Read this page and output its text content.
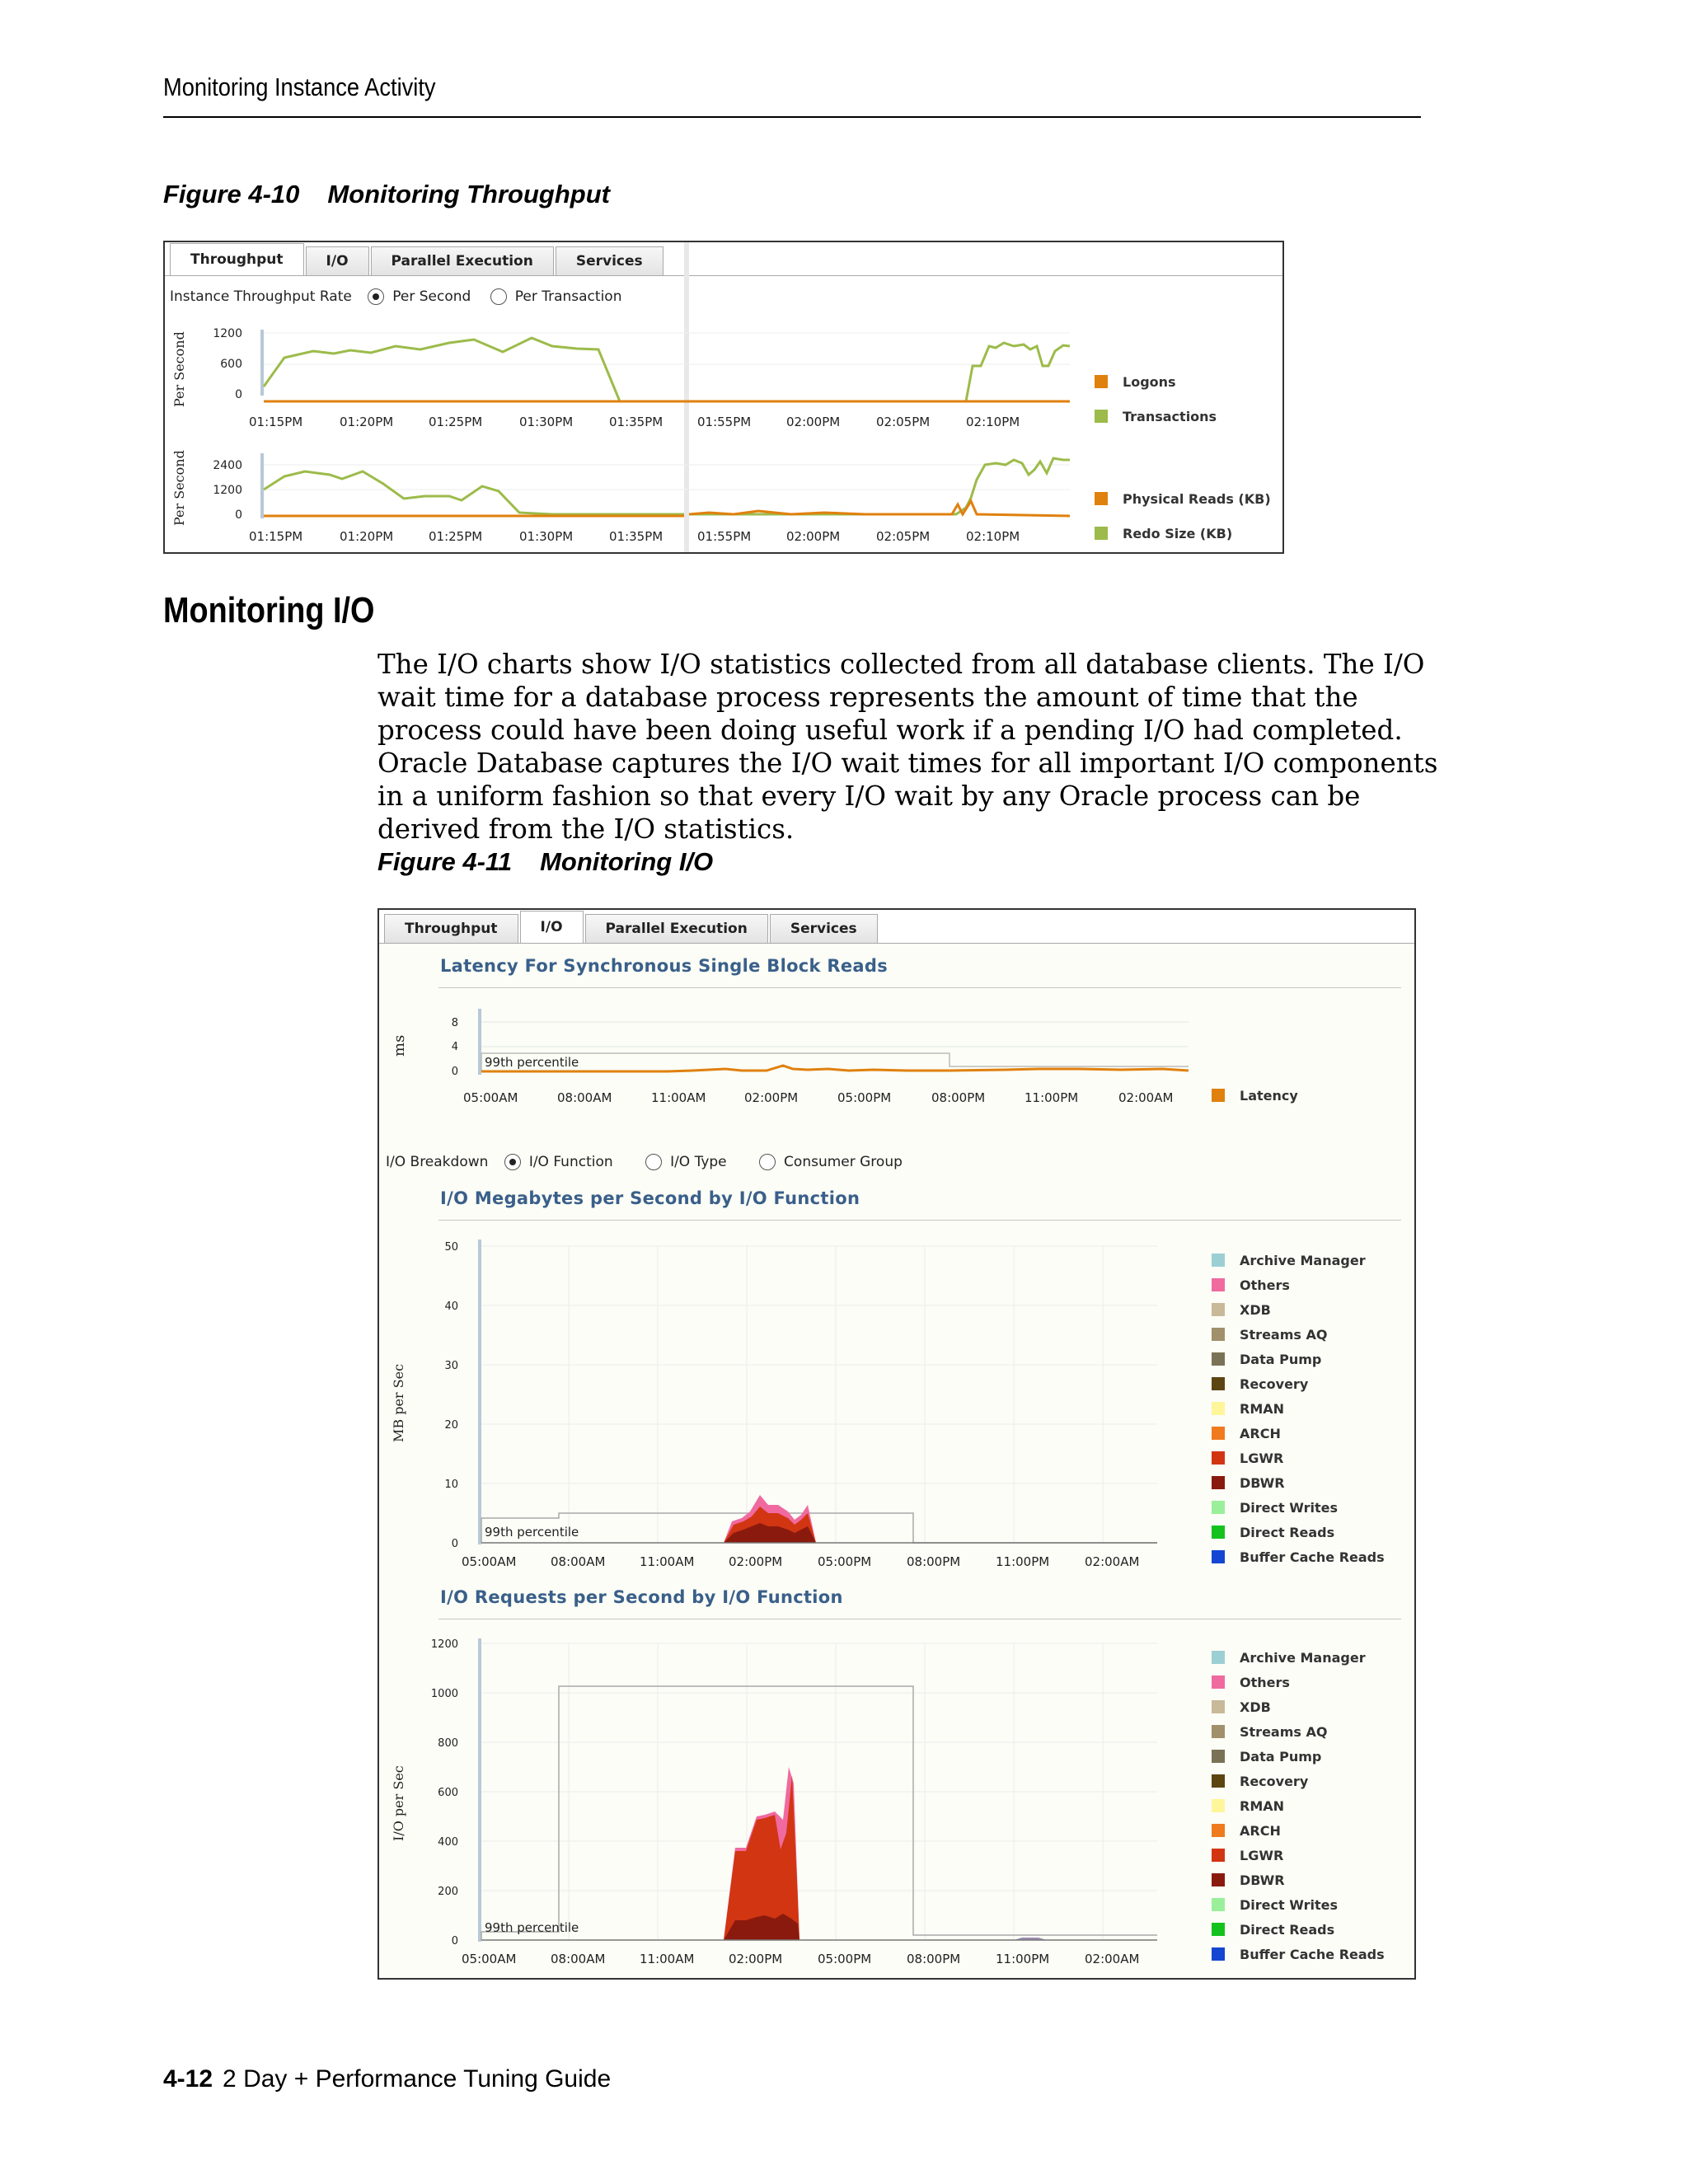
Monitoring Instance Activity
Figure 4-10 Monitoring Throughput
Throughput	I/O	Parallel Execution	Services
Instance Throughput Rate	Per Second	Per Transaction
Per Second
Per Second
1200
600
0
01:15PM	01:20PM	01:25PM	01:30PM	01:35PM	01:55PM	02:00PM	02:05PM	02:10PM
2400
1200
0
01:15PM	01:20PM	01:25PM	01:30PM	01:35PM	01:55PM	02:00PM	02:05PM	02:10PM
Logons
Transactions
Physical Reads (KB)
Redo Size (KB)
Monitoring I/O
The I/O charts show I/O statistics collected from all database clients. The I/O wait time for a database process represents the amount of time that the process could have been doing useful work if a pending I/O had completed. Oracle Database captures the I/O wait times for all important I/O components in a uniform fashion so that every I/O wait by any Oracle process can be derived from the I/O statistics.
Figure 4-11 Monitoring I/O
Throughput	I/O	Parallel Execution	Services
Latency For Synchronous Single Block Reads
ms
I/O Breakdown	I/O Function	I/O Type	Consumer Group
I/O Megabytes per Second by I/O Function
MB per Sec
I/O Requests per Second by I/O Function
I/O per Sec
8
4
0
99th percentile
05:00AM	08:00AM	11:00AM	02:00PM	05:00PM	08:00PM	11:00PM	02:00AM
50
40
30
20
10
0
99th percentile
05:00AM	08:00AM	11:00AM	02:00PM	05:00PM	08:00PM	11:00PM	02:00AM
1200
1000
800
600
400
200
0
99th percentile
05:00AM	08:00AM	11:00AM	02:00PM	05:00PM	08:00PM	11:00PM	02:00AM
Latency
Archive Manager
Others
XDB
Streams AQ
Data Pump
Recovery
RMAN
ARCH
LGWR
DBWR
Direct Writes
Direct Reads
Buffer Cache Reads
Archive Manager
Others
XDB
Streams AQ
Data Pump
Recovery
RMAN
ARCH
LGWR
DBWR
Direct Writes
Direct Reads
Buffer Cache Reads
4-12 2 Day + Performance Tuning Guide
